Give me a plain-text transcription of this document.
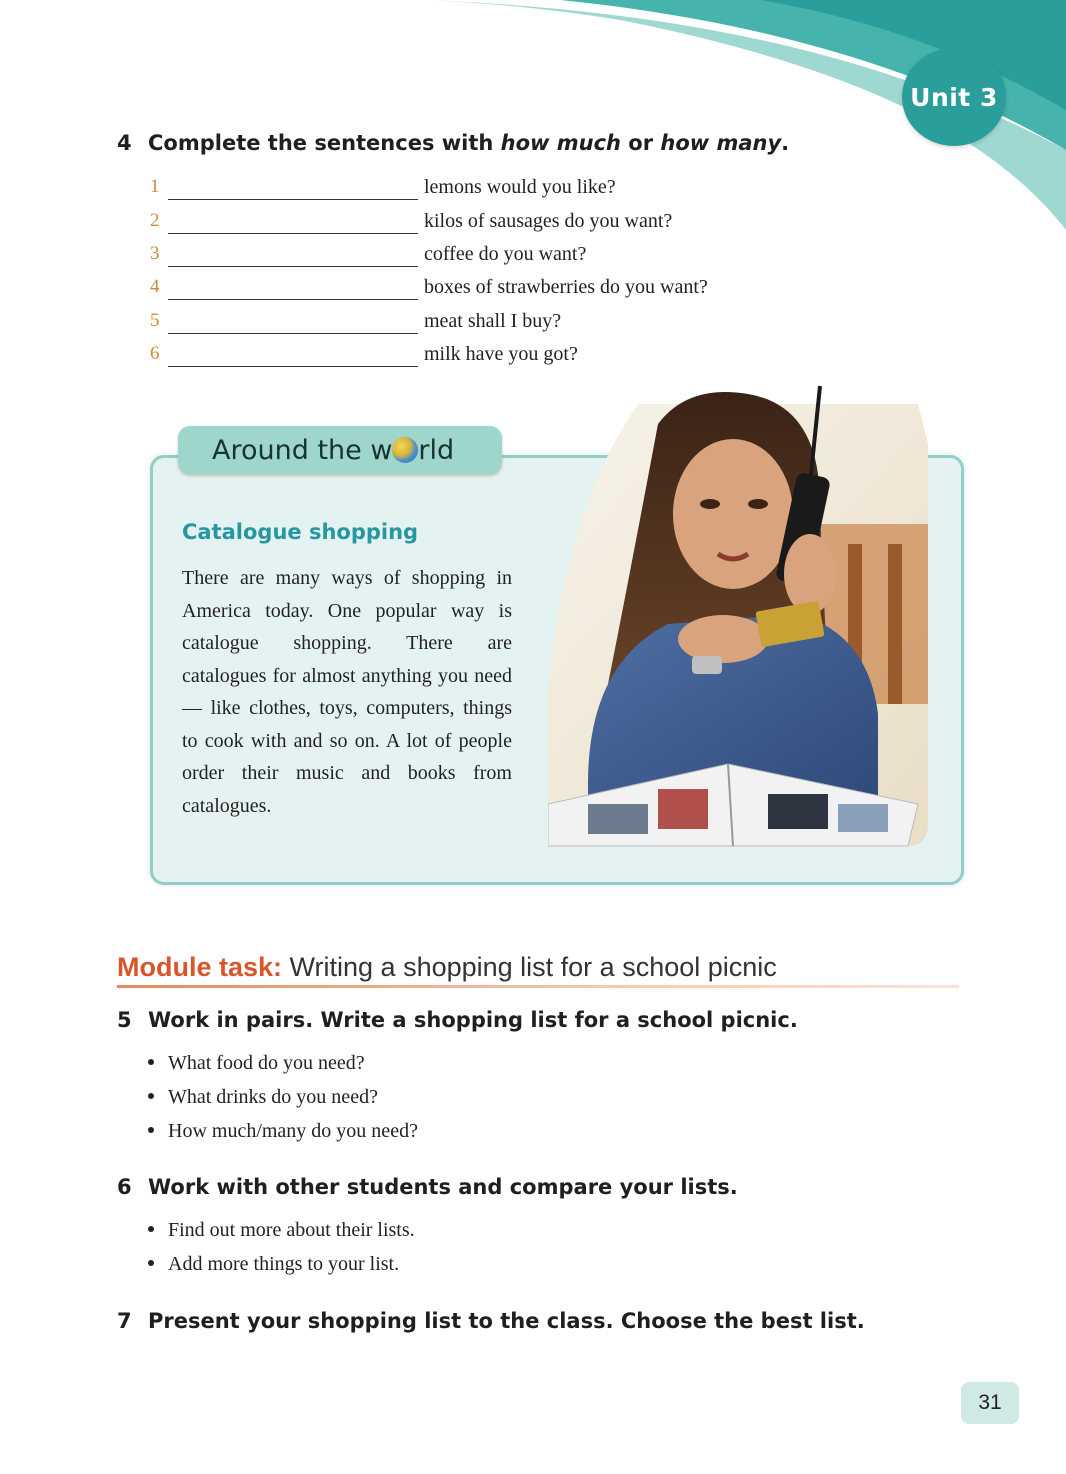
Unit 3
4 Complete the sentences with how much or how many.
1	lemons would you like?
2	kilos of sausages do you want?
3	coffee do you want?
4	boxes of strawberries do you want?
5	meat shall I buy?
6	milk have you got?
Around the w rld
Catalogue shopping
There are many ways of shopping in America today. One popular way is catalogue shopping. There are catalogues for almost anything you need — like clothes, toys, computers, things to cook with and so on. A lot of people order their music and books from catalogues.
Module task: Writing a shopping list for a school picnic
5 Work in pairs. Write a shopping list for a school picnic.
What food do you need?
What drinks do you need?
How much/many do you need?
6 Work with other students and compare your lists.
Find out more about their lists.
Add more things to your list.
7 Present your shopping list to the class. Choose the best list.
31
